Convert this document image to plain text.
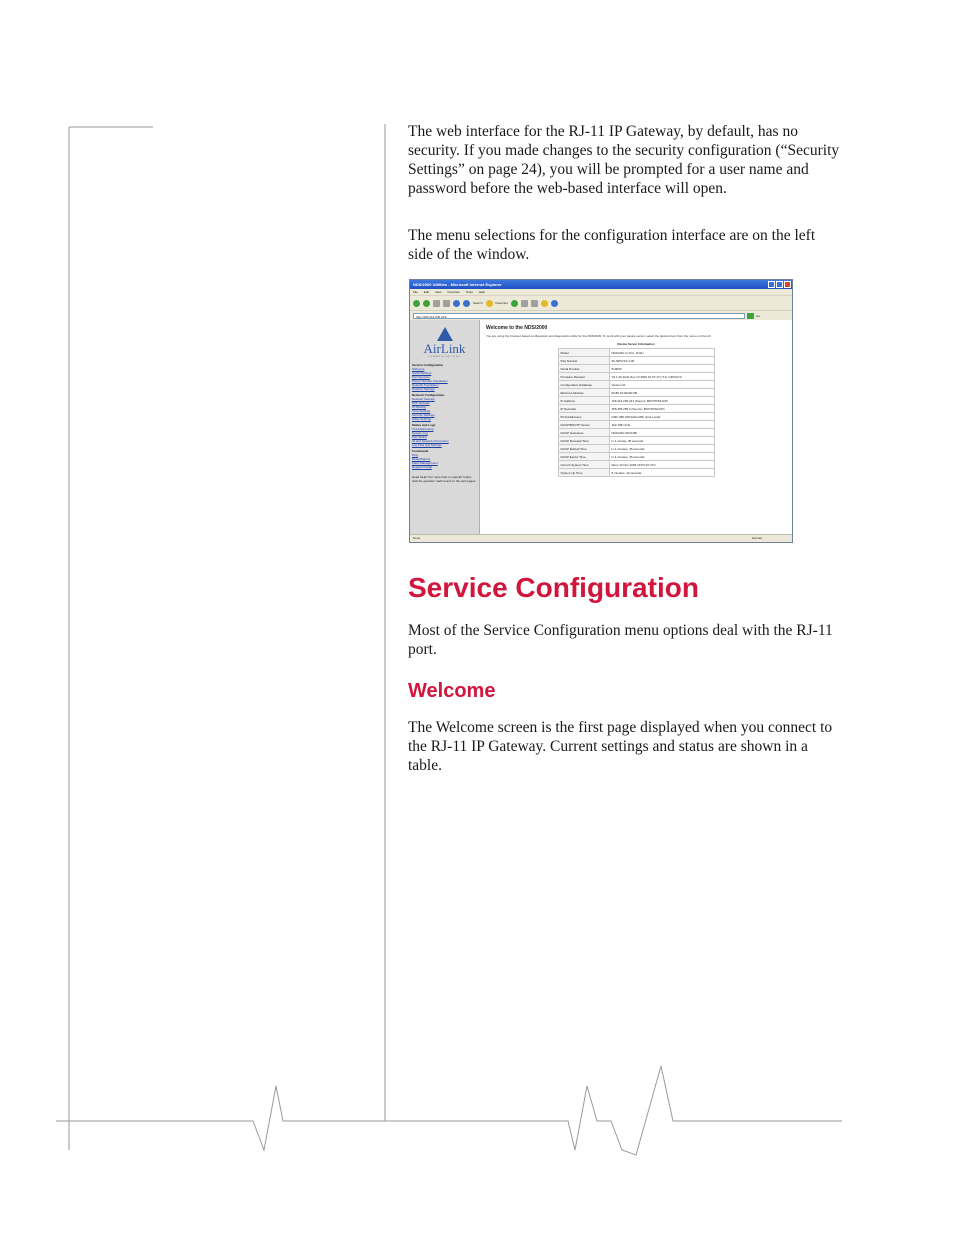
The web interface for the RJ-11 IP Gateway, by default, has no security. If you made changes to the security configuration (“Security Settings” on page 24), you will be prompted for a user name and password before the web-based interface will open.

The menu selections for the configuration interface are on the left side of the window.

NDS/2000 Utilities - Microsoft Internet Explorer
File Edit View Favorites Tools Help
Search	Favorites
http://166.213.236.221/	Go
AirLink
COMMUNICATIONS
Service Configuration
Welcome
Serial Settings
Port Services
Phone Number Translation
Network Translation
Protocol Settings
Network Configuration
Network Settings
PPP Settings
IP Routing
Time Settings
Security Settings
Utility Settings
Status and Logs
Troubleshooting
System Log
Port Status
IO and Network Information
Log Files and Settings
Commands
Ping
Reset/Reboot
Flash Management
Register/Install
Need Help? For more help on specific topics, click the question mark found on the web pages.
Welcome to the NDS/2000
You are using the browser-based configuration and diagnostics utility for the NDS/2000. To work with your device server, select the desired item from the menu on the left.
Device Server Information
Model	NDS2110 (1 Port, RJ11)
Part Number	90-NDS713-4-00
Serial Number	510009
Firmware Revision	V2.1.20 (built Nov 13 2006 15:07:17) (T1), NRV4173
Configuration Database	Version 21
Ethernet Address	00:80:44:0D:E0:0B
IP Address	166.213.236.221 (Source: BOOTP/DHCP)
IP Netmask	255.255.255.0 (Source: BOOTP/DHCP)
IPv6 Addresses	fe80::280:44ff:fe0d:e00b (Link Local)
DHCP/BOOTP Server	192.168.13.21
DHCP Hostname	NDS2110-0D4C0B
DHCP Renewal Time	in 1 minute, 35 seconds
DHCP Rebind Time	in 2 minutes, 35 seconds
DHCP Expire Time	in 3 minutes, 35 seconds
Current System Time	Wed, 22 Nov 2006 19:53:43 UTC
System Up Time	8 minutes, 43 seconds
Done	Internet
Service Configuration

Most of the Service Configuration menu options deal with the RJ-11 port.

Welcome

The Welcome screen is the first page displayed when you connect to the RJ-11 IP Gateway. Current settings and status are shown in a table.
